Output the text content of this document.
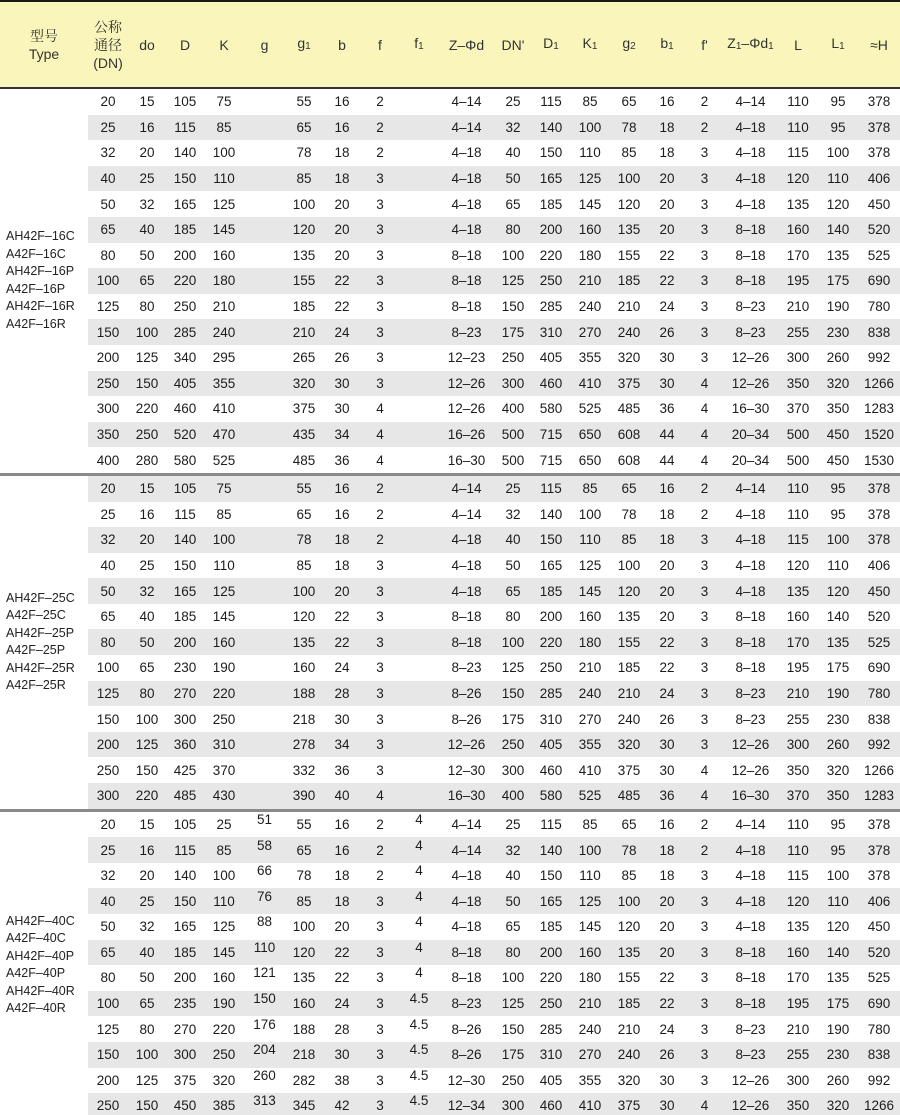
型号
Type	公称
通径
(DN)	do	D	K	g	g1	b	f	f1	Z–Φd	DN'	D1	K1	g2	b1	f'	Z1–Φd1	L	L1	≈H
AH42F–16C
A42F–16C
AH42F–16P
A42F–16P
AH42F–16R
A42F–16R	20	15	105	75		55	16	2		4–14	25	115	85	65	16	2	4–14	110	95	378
	25	16	115	85		65	16	2		4–14	32	140	100	78	18	2	4–18	110	95	378
	32	20	140	100		78	18	2		4–18	40	150	110	85	18	3	4–18	115	100	378
	40	25	150	110		85	18	3		4–18	50	165	125	100	20	3	4–18	120	110	406
	50	32	165	125		100	20	3		4–18	65	185	145	120	20	3	4–18	135	120	450
	65	40	185	145		120	20	3		4–18	80	200	160	135	20	3	8–18	160	140	520
	80	50	200	160		135	20	3		8–18	100	220	180	155	22	3	8–18	170	135	525
	100	65	220	180		155	22	3		8–18	125	250	210	185	22	3	8–18	195	175	690
	125	80	250	210		185	22	3		8–18	150	285	240	210	24	3	8–23	210	190	780
	150	100	285	240		210	24	3		8–23	175	310	270	240	26	3	8–23	255	230	838
	200	125	340	295		265	26	3		12–23	250	405	355	320	30	3	12–26	300	260	992
	250	150	405	355		320	30	3		12–26	300	460	410	375	30	4	12–26	350	320	1266
	300	220	460	410		375	30	4		12–26	400	580	525	485	36	4	16–30	370	350	1283
	350	250	520	470		435	34	4		16–26	500	715	650	608	44	4	20–34	500	450	1520
	400	280	580	525		485	36	4		16–30	500	715	650	608	44	4	20–34	500	450	1530
AH42F–25C
A42F–25C
AH42F–25P
A42F–25P
AH42F–25R
A42F–25R	20	15	105	75		55	16	2		4–14	25	115	85	65	16	2	4–14	110	95	378
	25	16	115	85		65	16	2		4–14	32	140	100	78	18	2	4–18	110	95	378
	32	20	140	100		78	18	2		4–18	40	150	110	85	18	3	4–18	115	100	378
	40	25	150	110		85	18	3		4–18	50	165	125	100	20	3	4–18	120	110	406
	50	32	165	125		100	20	3		4–18	65	185	145	120	20	3	4–18	135	120	450
	65	40	185	145		120	22	3		8–18	80	200	160	135	20	3	8–18	160	140	520
	80	50	200	160		135	22	3		8–18	100	220	180	155	22	3	8–18	170	135	525
	100	65	230	190		160	24	3		8–23	125	250	210	185	22	3	8–18	195	175	690
	125	80	270	220		188	28	3		8–26	150	285	240	210	24	3	8–23	210	190	780
	150	100	300	250		218	30	3		8–26	175	310	270	240	26	3	8–23	255	230	838
	200	125	360	310		278	34	3		12–26	250	405	355	320	30	3	12–26	300	260	992
	250	150	425	370		332	36	3		12–30	300	460	410	375	30	4	12–26	350	320	1266
	300	220	485	430		390	40	4		16–30	400	580	525	485	36	4	16–30	370	350	1283
AH42F–40C
A42F–40C
AH42F–40P
A42F–40P
AH42F–40R
A42F–40R	20	15	105	25	51	55	16	2	4	4–14	25	115	85	65	16	2	4–14	110	95	378
	25	16	115	85	58	65	16	2	4	4–14	32	140	100	78	18	2	4–18	110	95	378
	32	20	140	100	66	78	18	2	4	4–18	40	150	110	85	18	3	4–18	115	100	378
	40	25	150	110	76	85	18	3	4	4–18	50	165	125	100	20	3	4–18	120	110	406
	50	32	165	125	88	100	20	3	4	4–18	65	185	145	120	20	3	4–18	135	120	450
	65	40	185	145	110	120	22	3	4	8–18	80	200	160	135	20	3	8–18	160	140	520
	80	50	200	160	121	135	22	3	4	8–18	100	220	180	155	22	3	8–18	170	135	525
	100	65	235	190	150	160	24	3	4.5	8–23	125	250	210	185	22	3	8–18	195	175	690
	125	80	270	220	176	188	28	3	4.5	8–26	150	285	240	210	24	3	8–23	210	190	780
	150	100	300	250	204	218	30	3	4.5	8–26	175	310	270	240	26	3	8–23	255	230	838
	200	125	375	320	260	282	38	3	4.5	12–30	250	405	355	320	30	3	12–26	300	260	992
	250	150	450	385	313	345	42	3	4.5	12–34	300	460	410	375	30	4	12–26	350	320	1266
